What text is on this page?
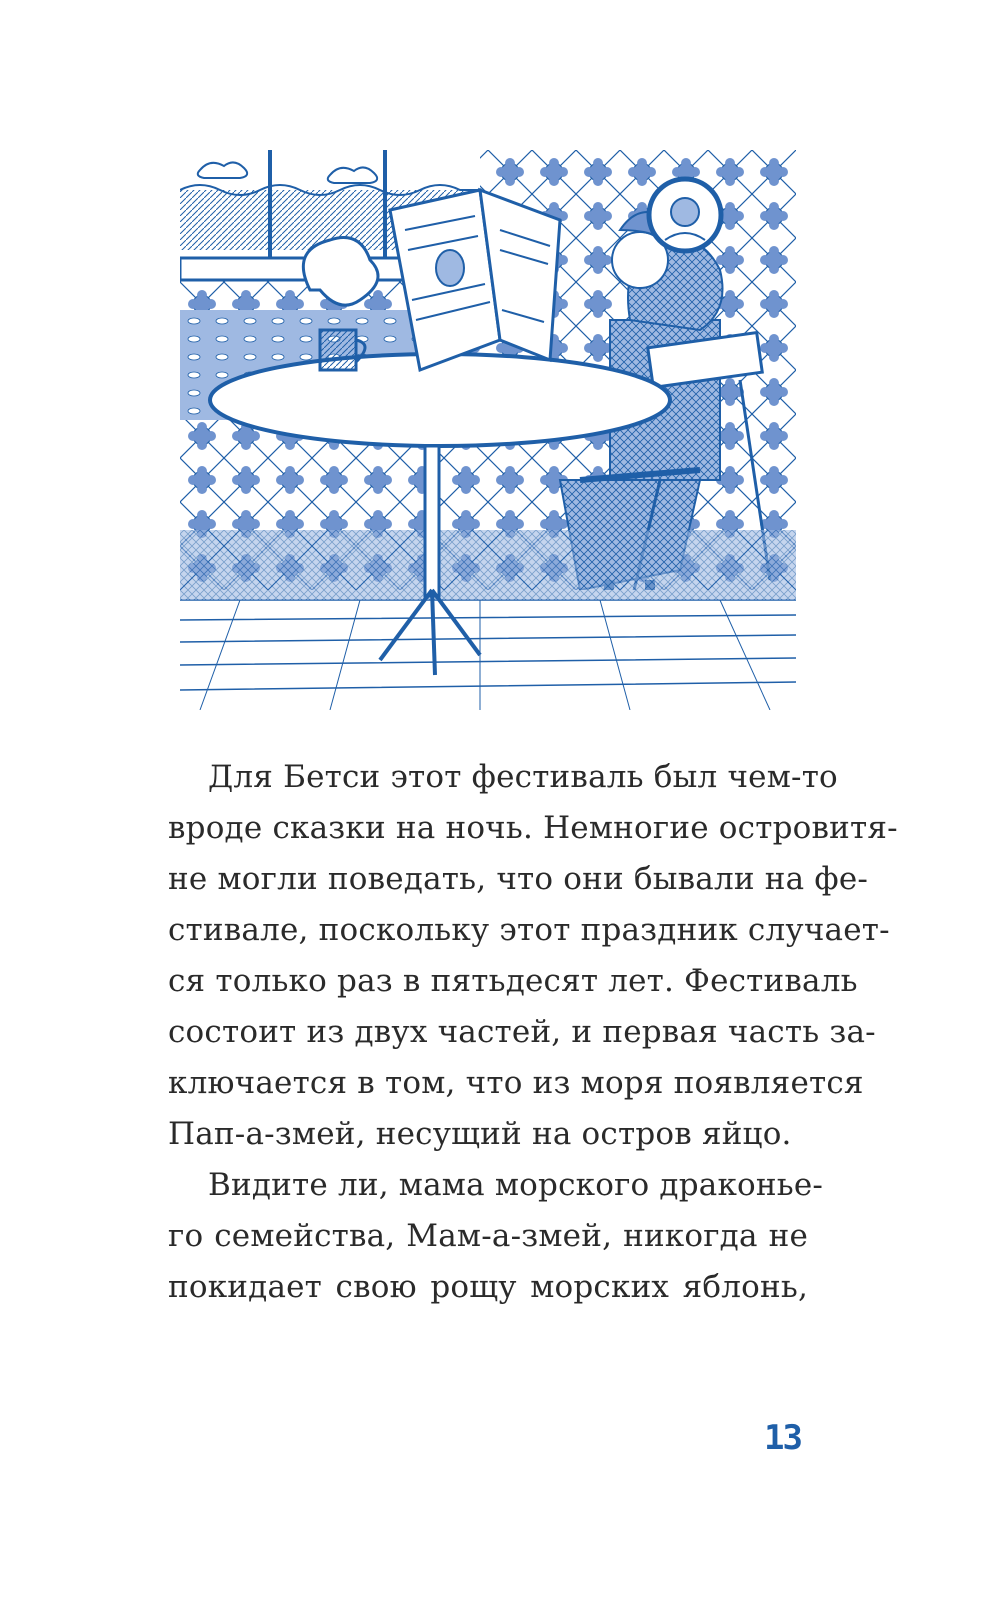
Для Бетси этот фестиваль был чем-то
вроде сказки на ночь. Немногие островитя-
не могли поведать, что они бывали на фе-
стивале, поскольку этот праздник случает-
ся только раз в пятьдесят лет. Фестиваль
состоит из двух частей, и первая часть за-
ключается в том, что из моря появляется
Пап-а-змей, несущий на остров яйцо.
Видите ли, мама морского драконье-
го семейства, Мам-а-змей, никогда не
покидает свою рощу морских яблонь,
13
